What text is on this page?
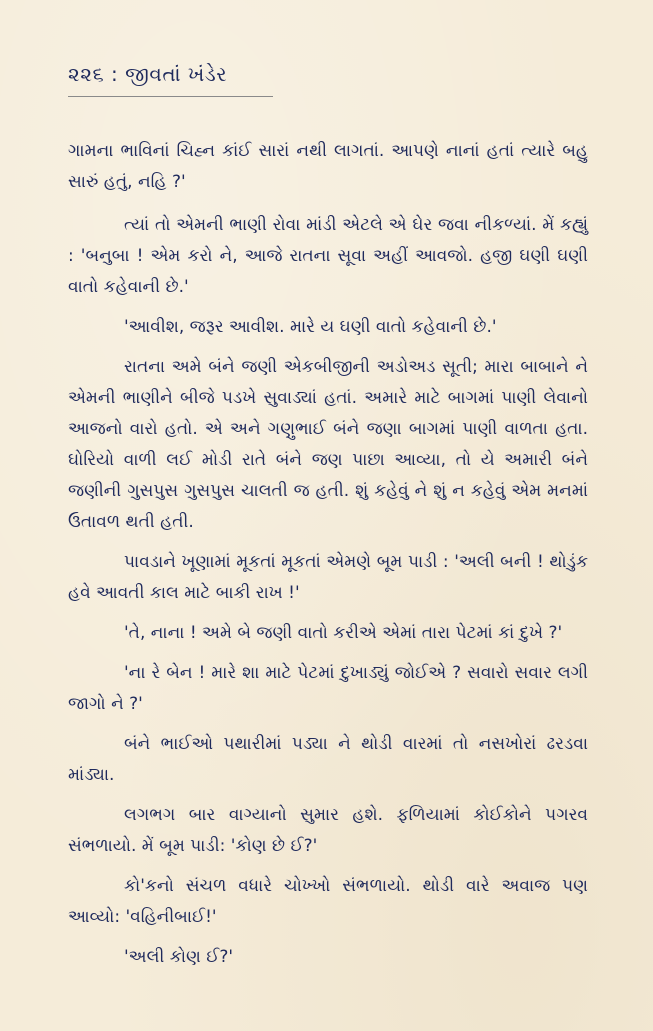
૨૨૬ : જીવતાં ખંડેર

ગામના ભાવિનાં ચિહ્ન કાંઈ સારાં નથી લાગતાં. આપણે નાનાં હતાં ત્યારે બહુ સારું હતું, નહિ ?'

ત્યાં તો એમની ભાણી રોવા માંડી એટલે એ ઘેર જવા નીકળ્યાં. મેં કહ્યું : 'બનુબા ! એમ કરો ને, આજે રાતના સૂવા અહીં આવજો. હજી ઘણી ઘણી વાતો કહેવાની છે.'

'આવીશ, જરૂર આવીશ. મારે ય ઘણી વાતો કહેવાની છે.'

રાતના અમે બંને જણી એકબીજીની અડોઅડ સૂતી; મારા બાબાને ને એમની ભાણીને બીજે પડખે સુવાડ્યાં હતાં. અમારે માટે બાગમાં પાણી લેવાનો આજનો વારો હતો. એ અને ગણુભાઈ બંને જણા બાગમાં પાણી વાળતા હતા. ઘોરિયો વાળી લઈ મોડી રાતે બંને જણ પાછા આવ્યા, તો યે અમારી બંને જણીની ગુસપુસ ગુસપુસ ચાલતી જ હતી. શું કહેવું ને શું ન કહેવું એમ મનમાં ઉતાવળ થતી હતી.

પાવડાને ખૂણામાં મૂકતાં મૂકતાં એમણે બૂમ પાડી : 'અલી બની ! થોડુંક હવે આવતી કાલ માટે બાકી રાખ !'

'તે, નાના ! અમે બે જણી વાતો કરીએ એમાં તારા પેટમાં કાં દુખે ?'

'ના રે બેન ! મારે શા માટે પેટમાં દુખાડ્યું જોઈએ ? સવારો સવાર લગી જાગો ને ?'

બંને ભાઈઓ પથારીમાં પડ્યા ને થોડી વારમાં તો નસખોરાં ઢરડવા માંડ્યા.

લગભગ બાર વાગ્યાનો સુમાર હશે. ફળિયામાં કોઈકોને પગરવ સંભળાયો. મેં બૂમ પાડી: 'કોણ છે ઈ?'

કો'કનો સંચળ વધારે ચોખ્ખો સંભળાયો. થોડી વારે અવાજ પણ આવ્યો: 'વહિનીબાઈ!'

'અલી કોણ ઈ?'
